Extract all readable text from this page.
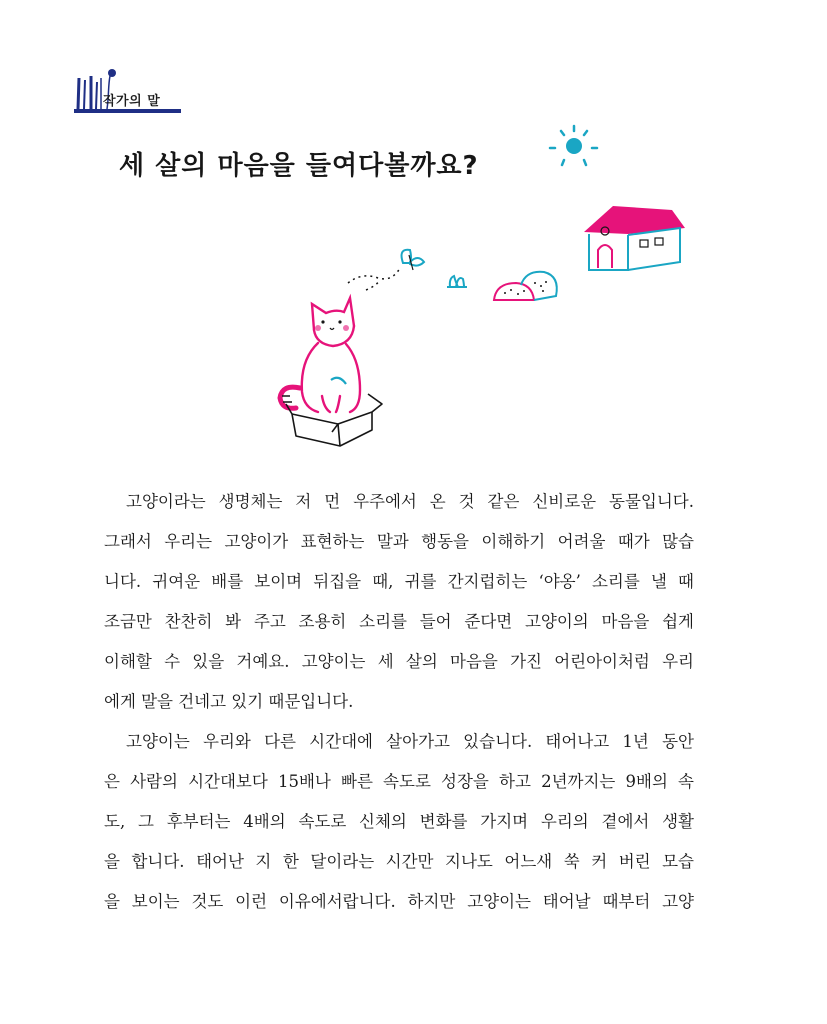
작가의 말
세 살의 마음을 들여다볼까요?
고양이라는 생명체는 저 먼 우주에서 온 것 같은 신비로운 동물입니다.
그래서 우리는 고양이가 표현하는 말과 행동을 이해하기 어려울 때가 많습
니다. 귀여운 배를 보이며 뒤집을 때, 귀를 간지럽히는 ‘야옹’ 소리를 낼 때
조금만 찬찬히 봐 주고 조용히 소리를 들어 준다면 고양이의 마음을 쉽게
이해할 수 있을 거예요. 고양이는 세 살의 마음을 가진 어린아이처럼 우리
에게 말을 건네고 있기 때문입니다.
고양이는 우리와 다른 시간대에 살아가고 있습니다. 태어나고 1년 동안
은 사람의 시간대보다 15배나 빠른 속도로 성장을 하고 2년까지는 9배의 속
도, 그 후부터는 4배의 속도로 신체의 변화를 가지며 우리의 곁에서 생활
을 합니다. 태어난 지 한 달이라는 시간만 지나도 어느새 쑥 커 버린 모습
을 보이는 것도 이런 이유에서랍니다. 하지만 고양이는 태어날 때부터 고양
